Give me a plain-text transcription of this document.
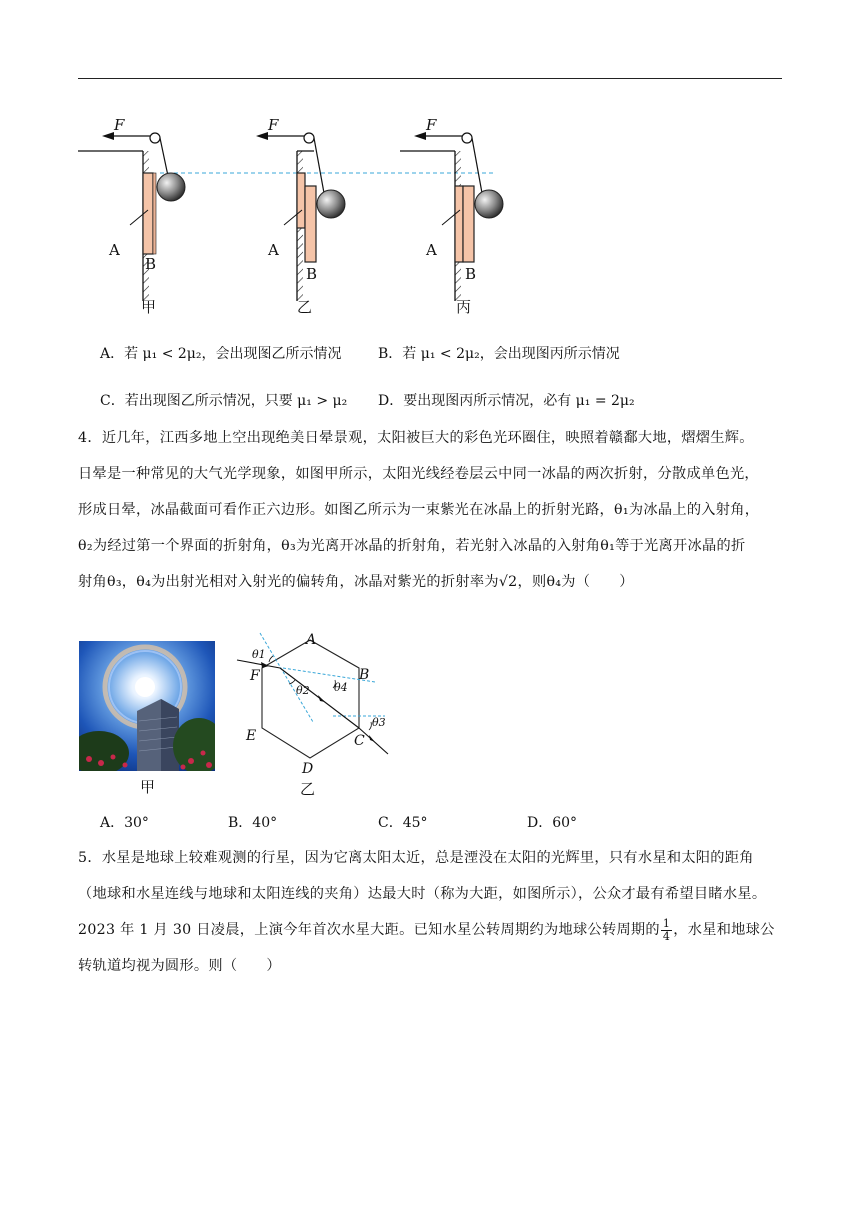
F	F	F
A
B
A
B
A
B
甲	乙	丙
A．若 μ₁ < 2μ₂，会出现图乙所示情况	B．若 μ₁ < 2μ₂，会出现图丙所示情况
C．若出现图乙所示情况，只要 μ₁ > μ₂ D．要出现图丙所示情况，必有 μ₁ = 2μ₂

4．近几年，江西多地上空出现绝美日晕景观，太阳被巨大的彩色光环圈住，映照着赣鄱大地，熠熠生辉。

日晕是一种常见的大气光学现象，如图甲所示，太阳光线经卷层云中同一冰晶的两次折射，分散成单色光，

形成日晕，冰晶截面可看作正六边形。如图乙所示为一束紫光在冰晶上的折射光路，θ₁为冰晶上的入射角，

θ₂为经过第一个界面的折射角，θ₃为光离开冰晶的折射角，若光射入冰晶的入射角θ₁等于光离开冰晶的折

射角θ₃，θ₄为出射光相对入射光的偏转角，冰晶对紫光的折射率为√2，则θ₄为（　　）

甲
A
B
C
D
E
F
θ1
θ2
θ3
θ4
乙
A．30°	B．40°	C．45°	D．60°

5．水星是地球上较难观测的行星，因为它离太阳太近，总是湮没在太阳的光辉里，只有水星和太阳的距角

（地球和水星连线与地球和太阳连线的夹角）达最大时（称为大距，如图所示），公众才最有希望目睹水星。

2023 年 1 月 30 日凌晨，上演今年首次水星大距。已知水星公转周期约为地球公转周期的 $\frac{1}{4}$ ，水星和地球公

转轨道均视为圆形。则（　　）
